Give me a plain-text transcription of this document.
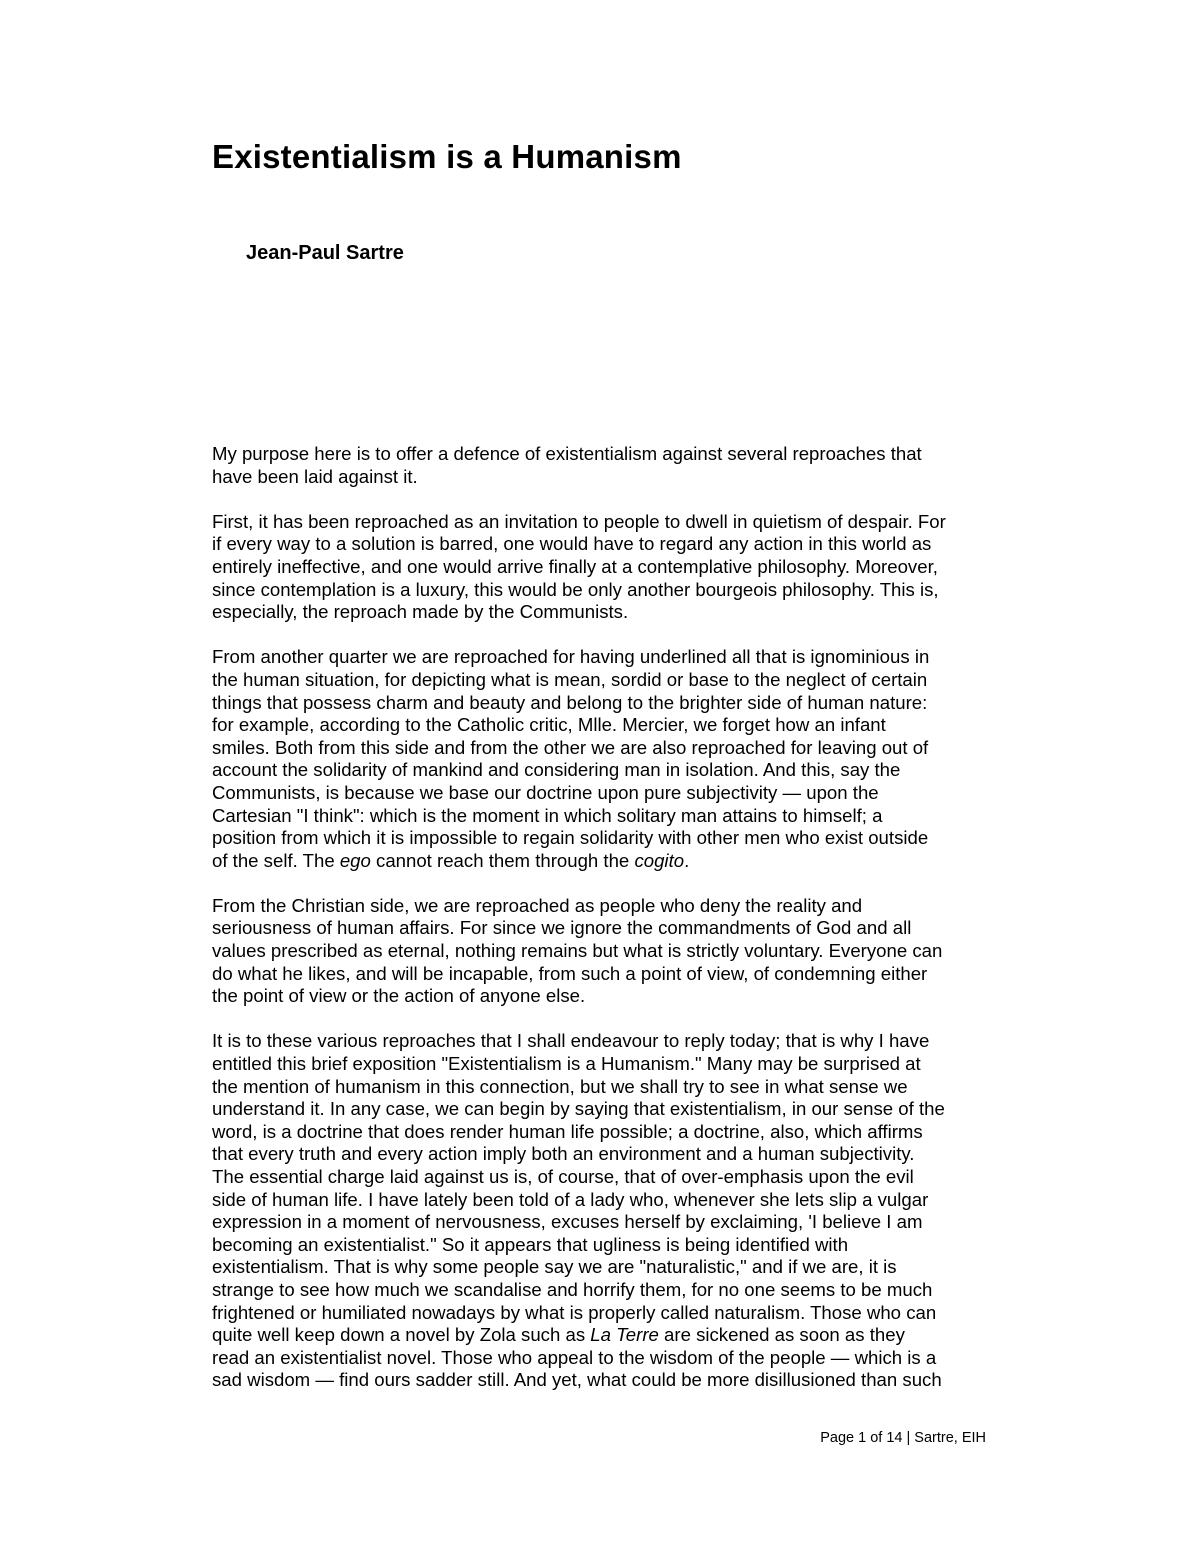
Existentialism is a Humanism
Jean-Paul Sartre

My purpose here is to offer a defence of existentialism against several reproaches that
have been laid against it.

First, it has been reproached as an invitation to people to dwell in quietism of despair. For
if every way to a solution is barred, one would have to regard any action in this world as
entirely ineffective, and one would arrive finally at a contemplative philosophy. Moreover,
since contemplation is a luxury, this would be only another bourgeois philosophy. This is,
especially, the reproach made by the Communists.

From another quarter we are reproached for having underlined all that is ignominious in
the human situation, for depicting what is mean, sordid or base to the neglect of certain
things that possess charm and beauty and belong to the brighter side of human nature:
for example, according to the Catholic critic, Mlle. Mercier, we forget how an infant
smiles. Both from this side and from the other we are also reproached for leaving out of
account the solidarity of mankind and considering man in isolation. And this, say the
Communists, is because we base our doctrine upon pure subjectivity — upon the
Cartesian "I think": which is the moment in which solitary man attains to himself; a
position from which it is impossible to regain solidarity with other men who exist outside
of the self. The ego cannot reach them through the cogito.

From the Christian side, we are reproached as people who deny the reality and
seriousness of human affairs. For since we ignore the commandments of God and all
values prescribed as eternal, nothing remains but what is strictly voluntary. Everyone can
do what he likes, and will be incapable, from such a point of view, of condemning either
the point of view or the action of anyone else.

It is to these various reproaches that I shall endeavour to reply today; that is why I have
entitled this brief exposition "Existentialism is a Humanism." Many may be surprised at
the mention of humanism in this connection, but we shall try to see in what sense we
understand it. In any case, we can begin by saying that existentialism, in our sense of the
word, is a doctrine that does render human life possible; a doctrine, also, which affirms
that every truth and every action imply both an environment and a human subjectivity.
The essential charge laid against us is, of course, that of over-emphasis upon the evil
side of human life. I have lately been told of a lady who, whenever she lets slip a vulgar
expression in a moment of nervousness, excuses herself by exclaiming, 'I believe I am
becoming an existentialist." So it appears that ugliness is being identified with
existentialism. That is why some people say we are "naturalistic," and if we are, it is
strange to see how much we scandalise and horrify them, for no one seems to be much
frightened or humiliated nowadays by what is properly called naturalism. Those who can
quite well keep down a novel by Zola such as La Terre are sickened as soon as they
read an existentialist novel. Those who appeal to the wisdom of the people — which is a
sad wisdom — find ours sadder still. And yet, what could be more disillusioned than such

Page 1 of 14 | Sartre, EIH
